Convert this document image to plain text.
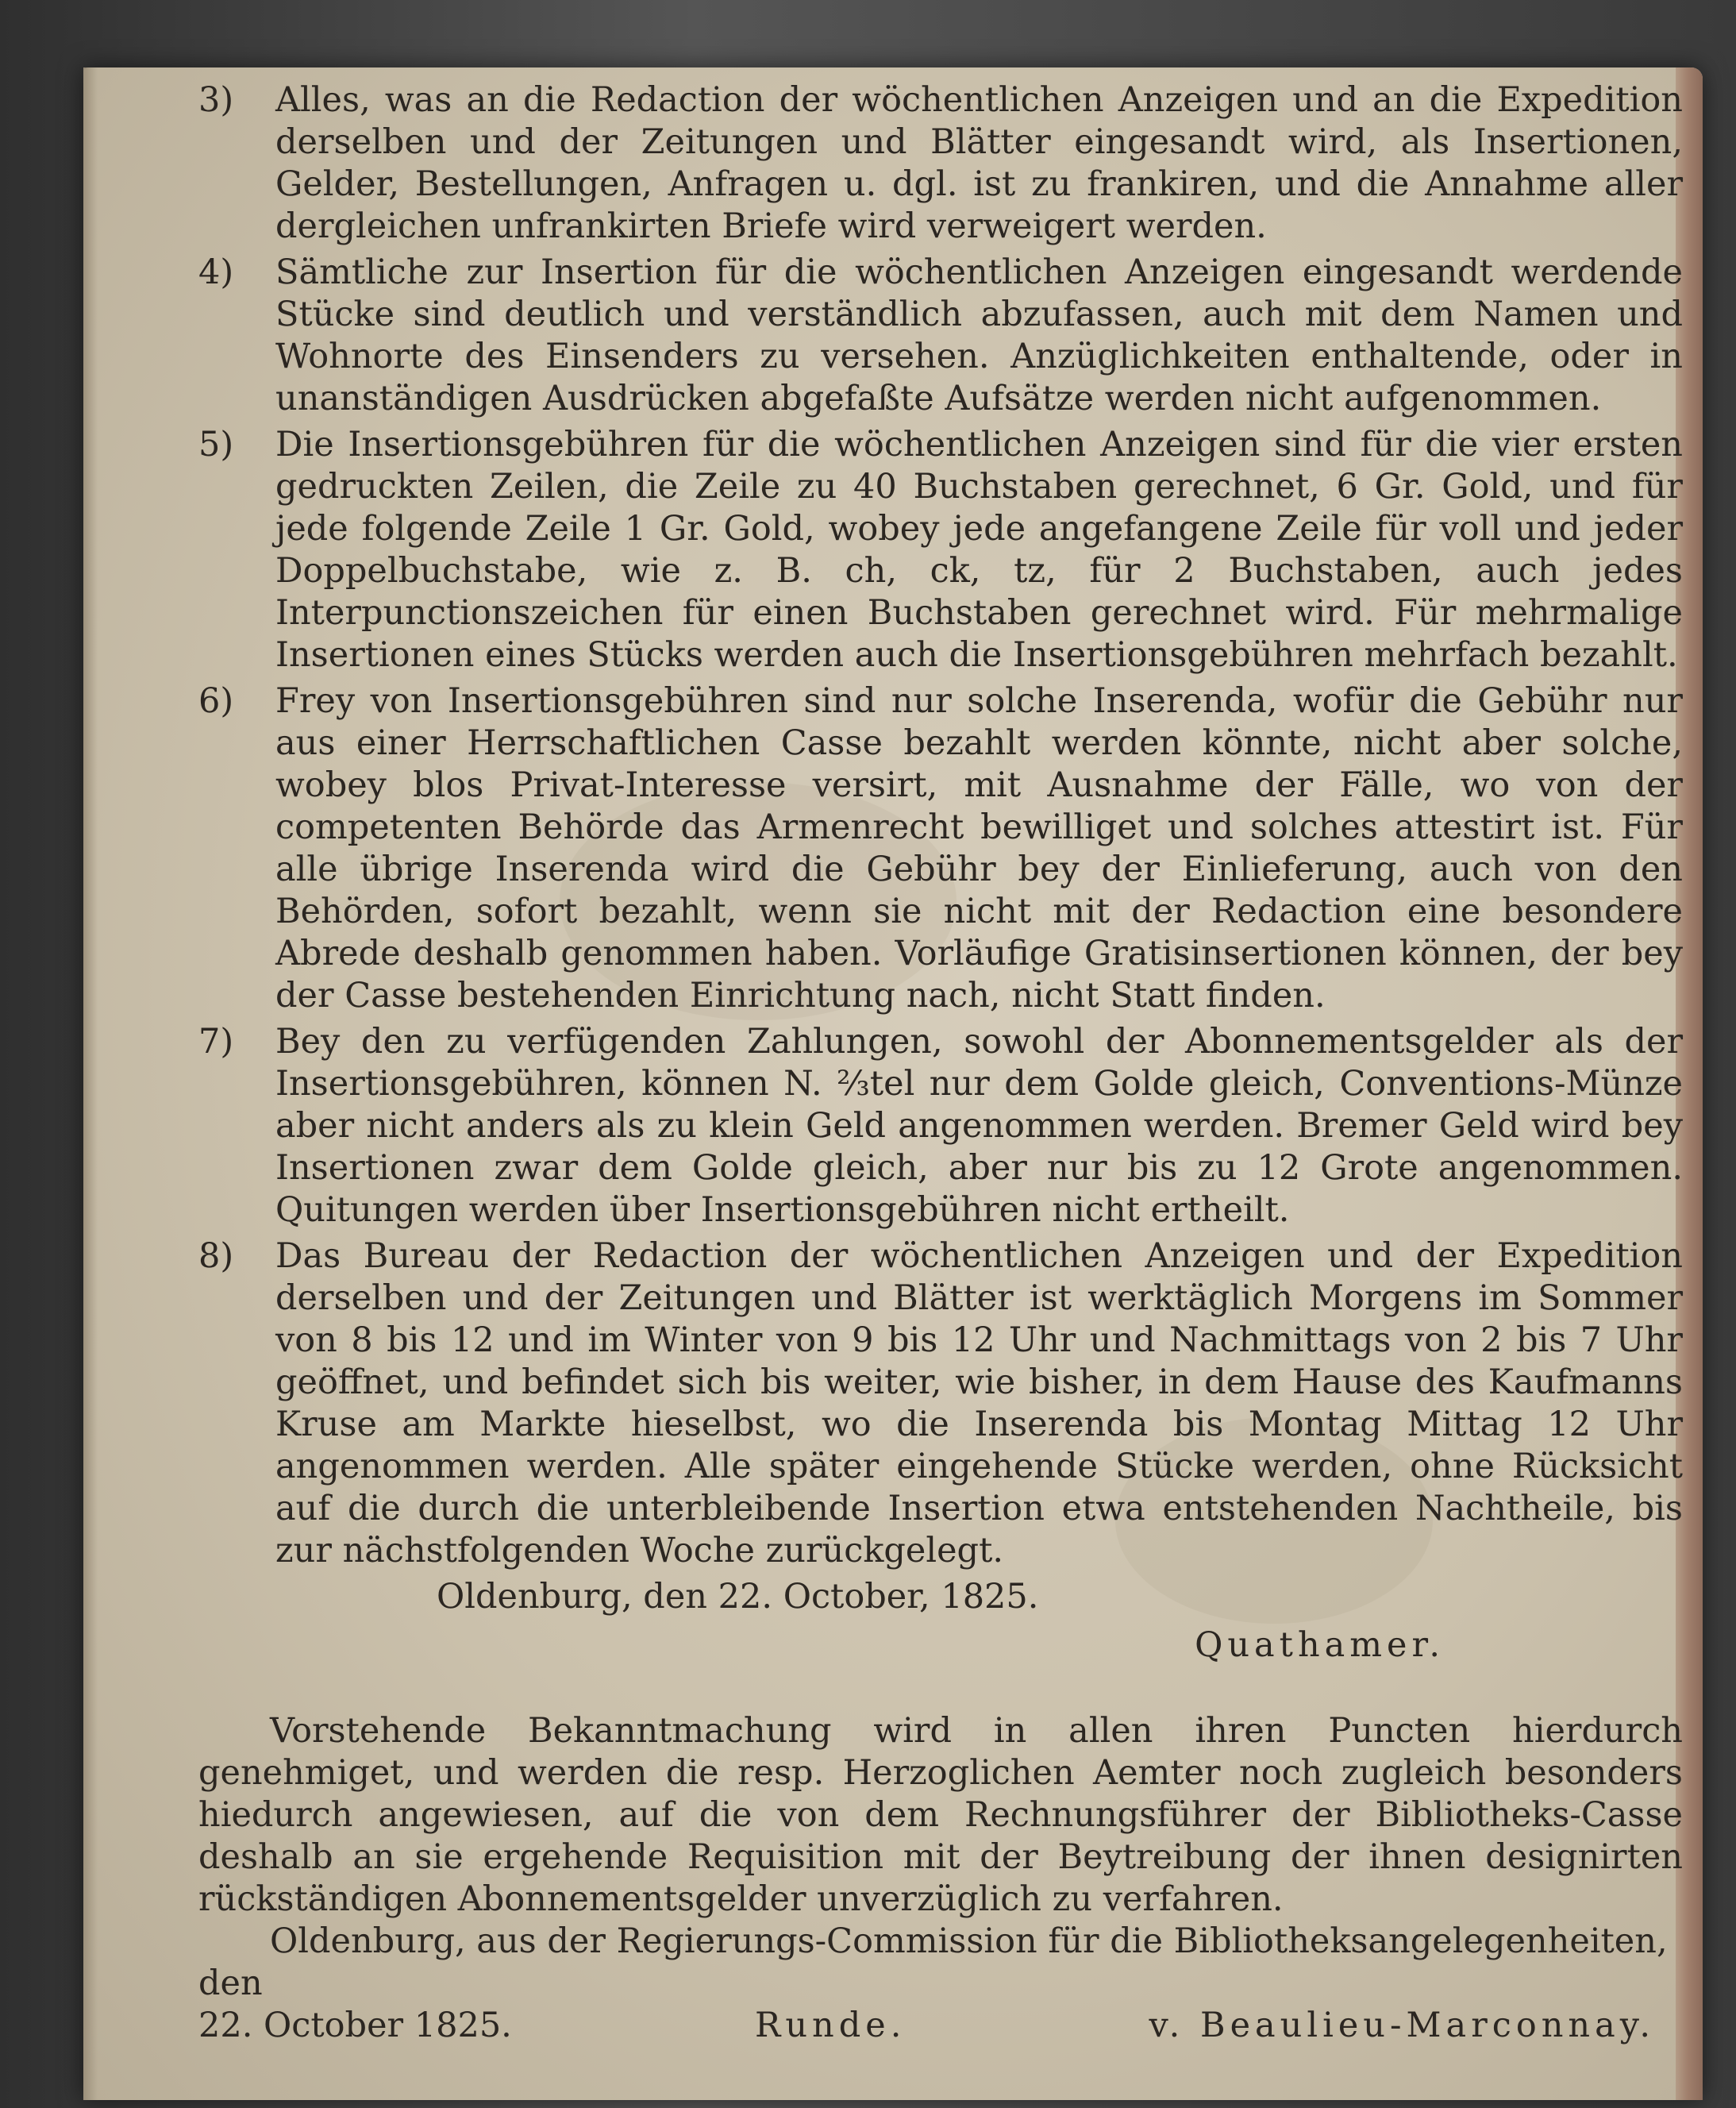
3) Alles, was an die Redaction der wöchentlichen Anzeigen und an die Expedition derselben und der Zeitungen und Blätter eingesandt wird, als Insertionen, Gelder, Bestellungen, Anfragen u. dgl. ist zu frankiren, und die Annahme aller dergleichen unfrankirten Briefe wird verweigert werden.
4) Sämtliche zur Insertion für die wöchentlichen Anzeigen eingesandt werdende Stücke sind deutlich und verständlich abzufassen, auch mit dem Namen und Wohnorte des Einsenders zu versehen. Anzüglichkeiten enthaltende, oder in unanständigen Ausdrücken abgefaßte Aufsätze werden nicht aufgenommen.
5) Die Insertionsgebühren für die wöchentlichen Anzeigen sind für die vier ersten gedruckten Zeilen, die Zeile zu 40 Buchstaben gerechnet, 6 Gr. Gold, und für jede folgende Zeile 1 Gr. Gold, wobey jede angefangene Zeile für voll und jeder Doppelbuchstabe, wie z. B. ch, ck, tz, für 2 Buchstaben, auch jedes Interpunctionszeichen für einen Buchstaben gerechnet wird. Für mehrmalige Insertionen eines Stücks werden auch die Insertionsgebühren mehrfach bezahlt.
6) Frey von Insertionsgebühren sind nur solche Inserenda, wofür die Gebühr nur aus einer Herrschaftlichen Casse bezahlt werden könnte, nicht aber solche, wobey blos Privat-Interesse versirt, mit Ausnahme der Fälle, wo von der competenten Behörde das Armenrecht bewilliget und solches attestirt ist. Für alle übrige Inserenda wird die Gebühr bey der Einlieferung, auch von den Behörden, sofort bezahlt, wenn sie nicht mit der Redaction eine besondere Abrede deshalb genommen haben. Vorläufige Gratisinsertionen können, der bey der Casse bestehenden Einrichtung nach, nicht Statt finden.
7) Bey den zu verfügenden Zahlungen, sowohl der Abonnementsgelder als der Insertionsgebühren, können N. ⅔tel nur dem Golde gleich, Conventions-Münze aber nicht anders als zu klein Geld angenommen werden. Bremer Geld wird bey Insertionen zwar dem Golde gleich, aber nur bis zu 12 Grote angenommen. Quitungen werden über Insertionsgebühren nicht ertheilt.
8) Das Bureau der Redaction der wöchentlichen Anzeigen und der Expedition derselben und der Zeitungen und Blätter ist werktäglich Morgens im Sommer von 8 bis 12 und im Winter von 9 bis 12 Uhr und Nachmittags von 2 bis 7 Uhr geöffnet, und befindet sich bis weiter, wie bisher, in dem Hause des Kaufmanns Kruse am Markte hieselbst, wo die Inserenda bis Montag Mittag 12 Uhr angenommen werden. Alle später eingehende Stücke werden, ohne Rücksicht auf die durch die unterbleibende Insertion etwa entstehenden Nachtheile, bis zur nächstfolgenden Woche zurückgelegt.

Oldenburg, den 22. October, 1825.

Quathamer.

Vorstehende Bekanntmachung wird in allen ihren Puncten hierdurch genehmiget, und werden die resp. Herzoglichen Aemter noch zugleich besonders hiedurch angewiesen, auf die von dem Rechnungsführer der Bibliotheks-Casse deshalb an sie ergehende Requisition mit der Beytreibung der ihnen designirten rückständigen Abonnementsgelder unverzüglich zu verfahren.

Oldenburg, aus der Regierungs-Commission für die Bibliotheksangelegenheiten, den

22. October 1825.	Runde.	v. Beaulieu-Marconnay.
